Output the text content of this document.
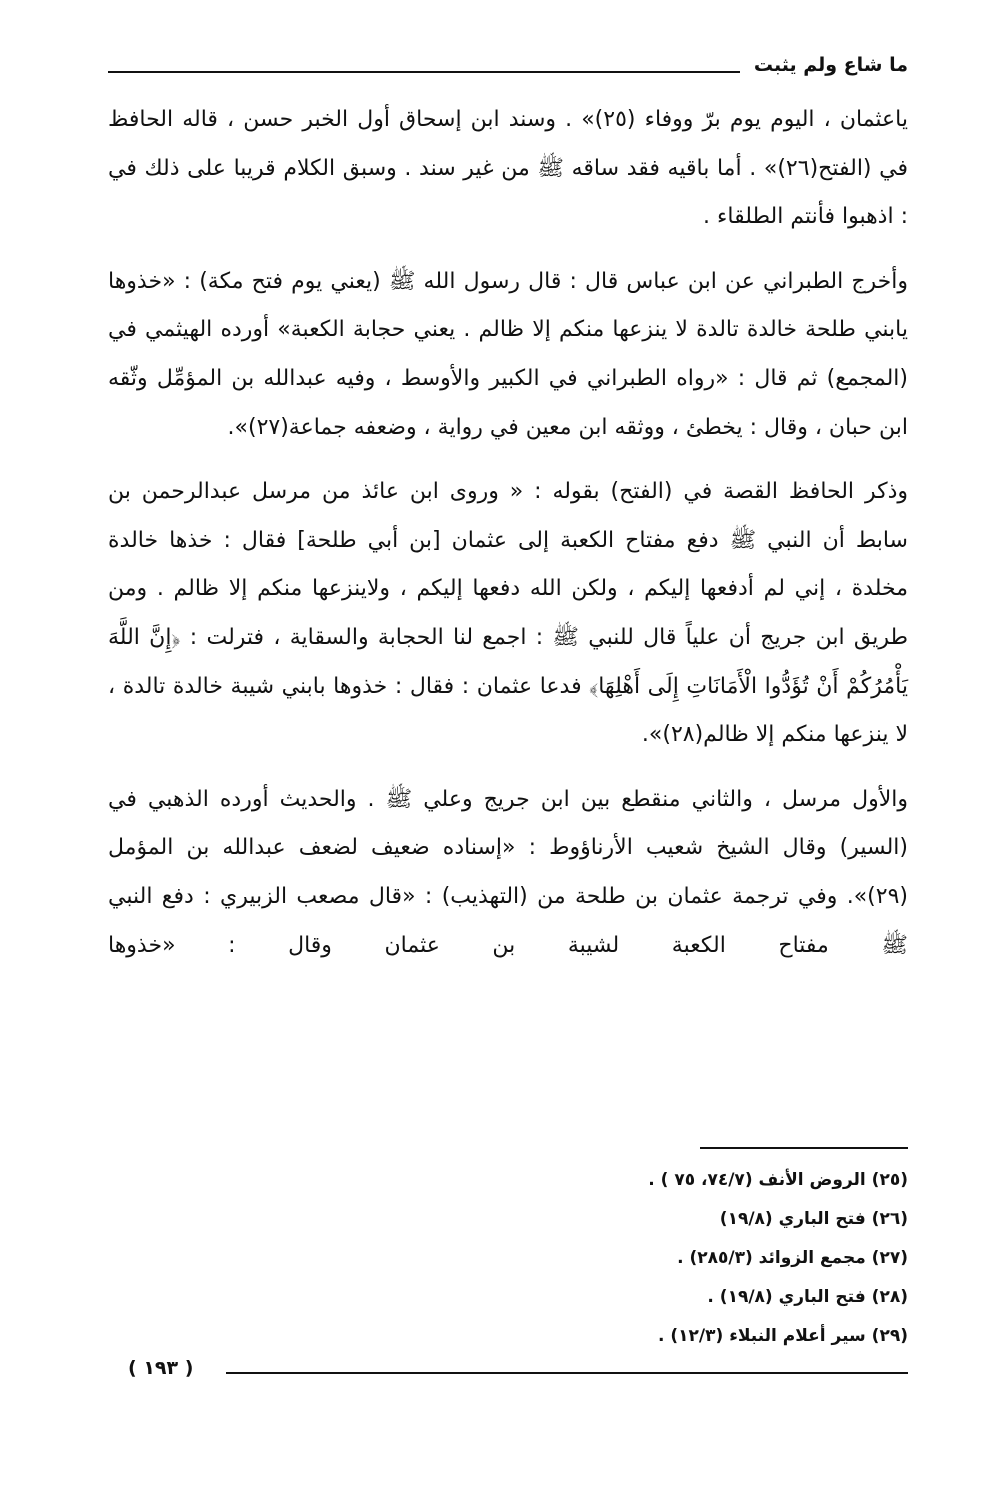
ما شاع ولم يثبت

ياعثمان ، اليوم يوم برّ ووفاء (٢٥)» . وسند ابن إسحاق أول الخبر حسن ، قاله الحافظ في (الفتح(٢٦)» . أما باقيه فقد ساقه ﷺ من غير سند . وسبق الكلام قريبا على ذلك في : اذهبوا فأنتم الطلقاء .

وأخرج الطبراني عن ابن عباس قال : قال رسول الله ﷺ (يعني يوم فتح مكة) : «خذوها يابني طلحة خالدة تالدة لا ينزعها منكم إلا ظالم . يعني حجابة الكعبة» أورده الهيثمي في (المجمع) ثم قال : «رواه الطبراني في الكبير والأوسط ، وفيه عبدالله بن المؤمِّل وثّقه ابن حبان ، وقال : يخطئ ، ووثقه ابن معين في رواية ، وضعفه جماعة(٢٧)».

وذكر الحافظ القصة في (الفتح) بقوله : « وروى ابن عائذ من مرسل عبدالرحمن بن سابط أن النبي ﷺ دفع مفتاح الكعبة إلى عثمان [بن أبي طلحة] فقال : خذها خالدة مخلدة ، إني لم أدفعها إليكم ، ولكن الله دفعها إليكم ، ولاينزعها منكم إلا ظالم . ومن طريق ابن جريج أن علياً قال للنبي ﷺ : اجمع لنا الحجابة والسقاية ، فترلت : ﴿إِنَّ اللَّهَ يَأْمُرُكُمْ أَنْ تُؤَدُّوا الْأَمَانَاتِ إِلَى أَهْلِهَا﴾ فدعا عثمان : فقال : خذوها بابني شيبة خالدة تالدة ، لا ينزعها منكم إلا ظالم(٢٨)».

والأول مرسل ، والثاني منقطع بين ابن جريج وعلي ﷺ . والحديث أورده الذهبي في (السير) وقال الشيخ شعيب الأرناؤوط : «إسناده ضعيف لضعف عبدالله بن المؤمل (٢٩)». وفي ترجمة عثمان بن طلحة من (التهذيب) : «قال مصعب الزبيري : دفع النبي ﷺ مفتاح الكعبة لشيبة بن عثمان وقال : «خذوها

(٢٥) الروض الأنف (٧٤/٧، ٧٥ ) .
(٢٦) فتح الباري (١٩/٨)
(٢٧) مجمع الزوائد (٢٨٥/٣) .
(٢٨) فتح الباري (١٩/٨) .
(٢٩) سير أعلام النبلاء (١٢/٣) .
( ١٩٣ )
